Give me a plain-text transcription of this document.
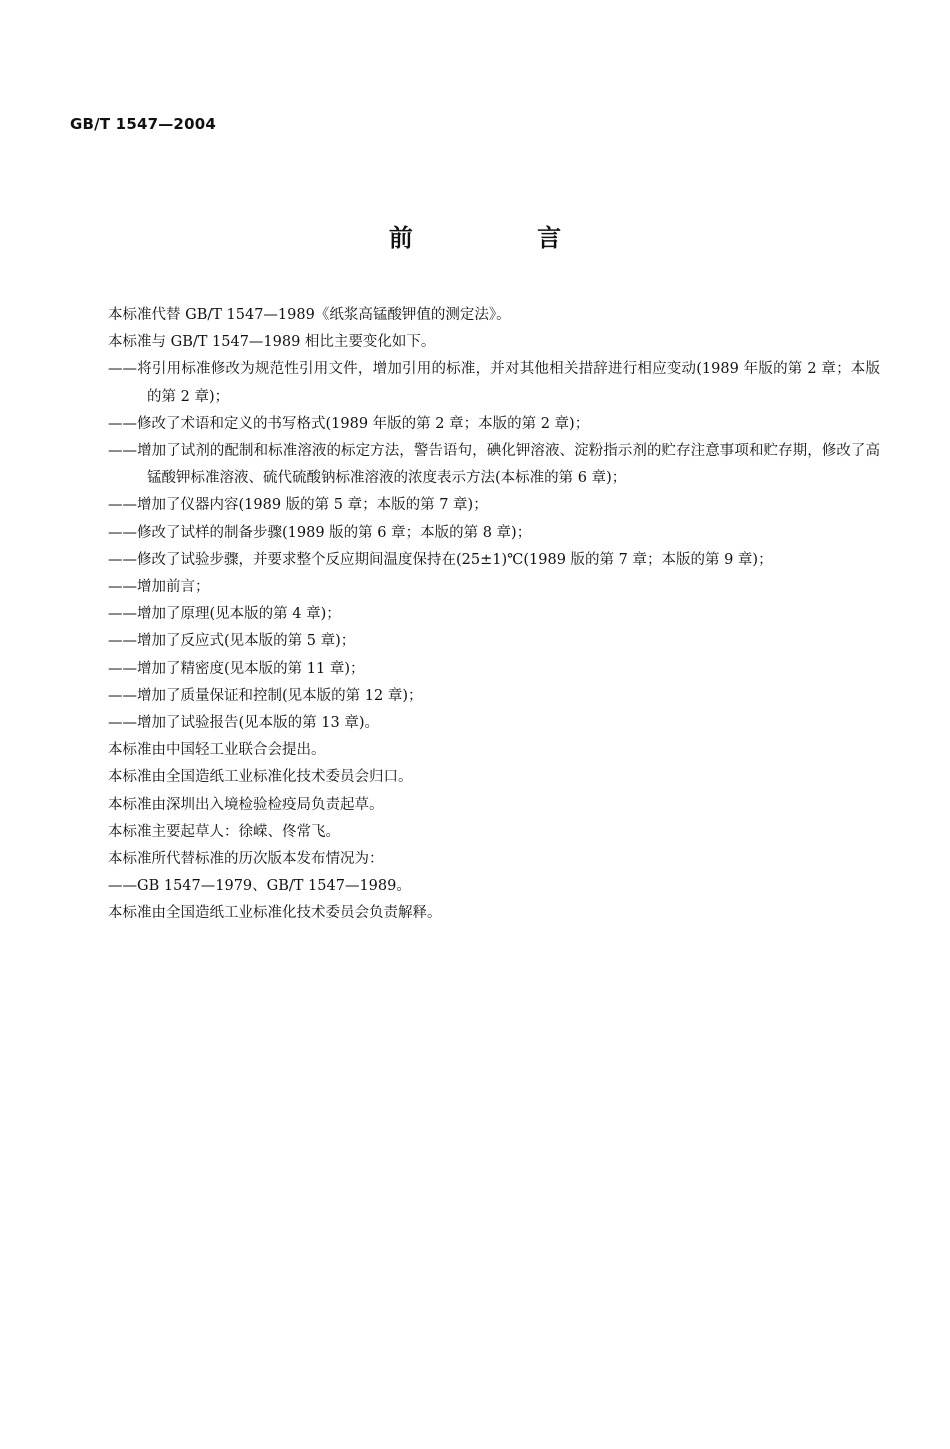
GB/T 1547—2004
前 言

本标准代替 GB/T 1547—1989《纸浆高锰酸钾值的测定法》。

本标准与 GB/T 1547—1989 相比主要变化如下。

——将引用标准修改为规范性引用文件，增加引用的标准，并对其他相关措辞进行相应变动(1989 年版的第 2 章；本版的第 2 章)；

——修改了术语和定义的书写格式(1989 年版的第 2 章；本版的第 2 章)；

——增加了试剂的配制和标准溶液的标定方法，警告语句，碘化钾溶液、淀粉指示剂的贮存注意事项和贮存期，修改了高锰酸钾标准溶液、硫代硫酸钠标准溶液的浓度表示方法(本标准的第 6 章)；

——增加了仪器内容(1989 版的第 5 章；本版的第 7 章)；

——修改了试样的制备步骤(1989 版的第 6 章；本版的第 8 章)；

——修改了试验步骤，并要求整个反应期间温度保持在(25±1)℃(1989 版的第 7 章；本版的第 9 章)；

——增加前言；

——增加了原理(见本版的第 4 章)；

——增加了反应式(见本版的第 5 章)；

——增加了精密度(见本版的第 11 章)；

——增加了质量保证和控制(见本版的第 12 章)；

——增加了试验报告(见本版的第 13 章)。

本标准由中国轻工业联合会提出。

本标准由全国造纸工业标准化技术委员会归口。

本标准由深圳出入境检验检疫局负责起草。

本标准主要起草人：徐嵘、佟常飞。

本标准所代替标准的历次版本发布情况为：

——GB 1547—1979、GB/T 1547—1989。

本标准由全国造纸工业标准化技术委员会负责解释。
